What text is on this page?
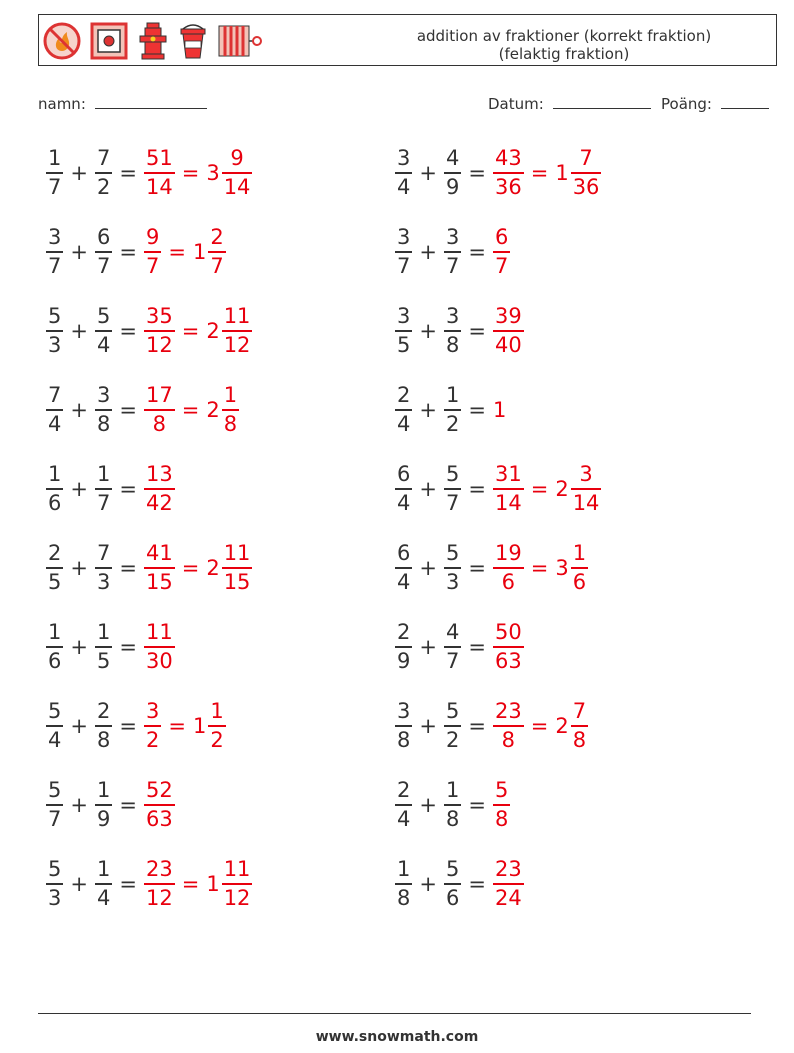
addition av fraktioner (korrekt fraktion)
(felaktig fraktion)
namn:	Datum:	Poäng:
$\frac{1}{7} + \frac{7}{2} = \frac{51}{14} = 3 \frac{9}{14}$
$\frac{3}{7} + \frac{6}{7} = \frac{9}{7} = 1 \frac{2}{7}$
$\frac{5}{3} + \frac{5}{4} = \frac{35}{12} = 2 \frac{11}{12}$
$\frac{7}{4} + \frac{3}{8} = \frac{17}{8} = 2 \frac{1}{8}$
$\frac{1}{6} + \frac{1}{7} = \frac{13}{42}$
$\frac{2}{5} + \frac{7}{3} = \frac{41}{15} = 2 \frac{11}{15}$
$\frac{1}{6} + \frac{1}{5} = \frac{11}{30}$
$\frac{5}{4} + \frac{2}{8} = \frac{3}{2} = 1 \frac{1}{2}$
$\frac{5}{7} + \frac{1}{9} = \frac{52}{63}$
$\frac{5}{3} + \frac{1}{4} = \frac{23}{12} = 1 \frac{11}{12}$
$\frac{3}{4} + \frac{4}{9} = \frac{43}{36} = 1 \frac{7}{36}$
$\frac{3}{7} + \frac{3}{7} = \frac{6}{7}$
$\frac{3}{5} + \frac{3}{8} = \frac{39}{40}$
$\frac{2}{4} + \frac{1}{2} = 1$
$\frac{6}{4} + \frac{5}{7} = \frac{31}{14} = 2 \frac{3}{14}$
$\frac{6}{4} + \frac{5}{3} = \frac{19}{6} = 3 \frac{1}{6}$
$\frac{2}{9} + \frac{4}{7} = \frac{50}{63}$
$\frac{3}{8} + \frac{5}{2} = \frac{23}{8} = 2 \frac{7}{8}$
$\frac{2}{4} + \frac{1}{8} = \frac{5}{8}$
$\frac{1}{8} + \frac{5}{6} = \frac{23}{24}$
www.snowmath.com
